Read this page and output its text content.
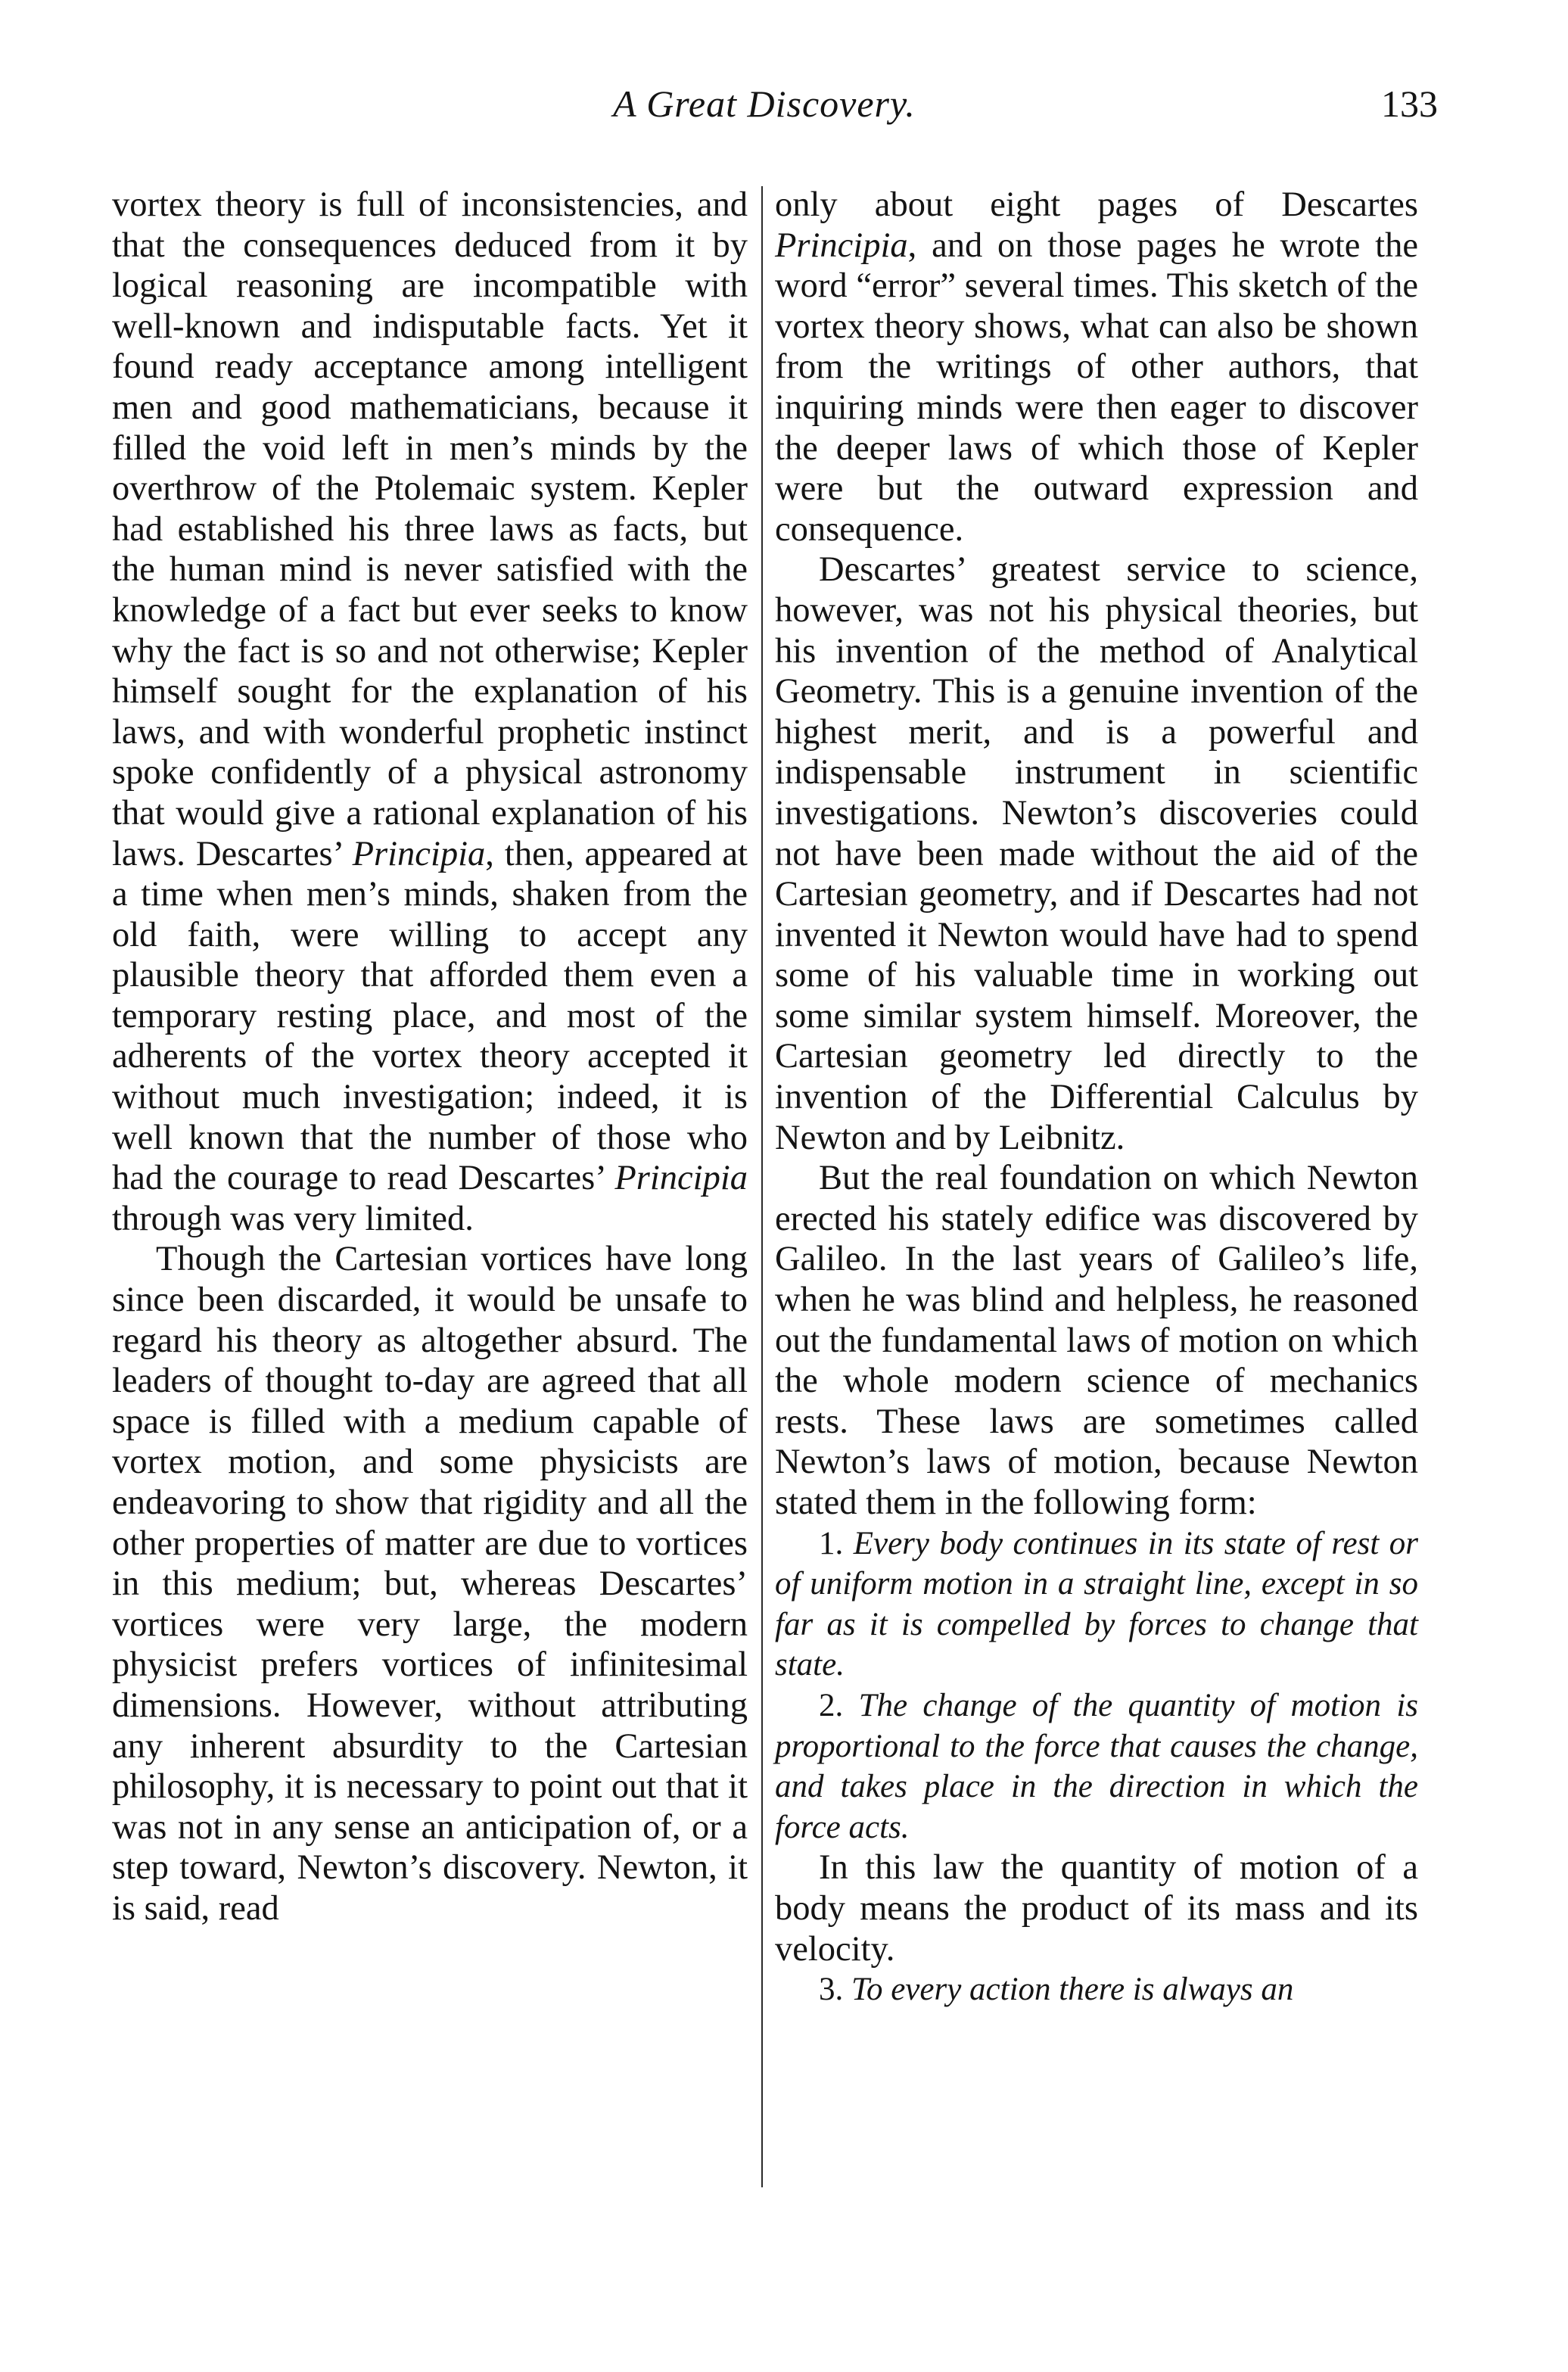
A Great Discovery.	133

vortex theory is full of inconsistencies, and that the consequences deduced from it by logical reasoning are incompatible with well-known and indisputable facts. Yet it found ready acceptance among intelligent men and good mathematicians, because it filled the void left in men’s minds by the overthrow of the Ptolemaic system. Kepler had established his three laws as facts, but the human mind is never satisfied with the knowledge of a fact but ever seeks to know why the fact is so and not otherwise; Kepler himself sought for the explanation of his laws, and with wonderful prophetic instinct spoke confidently of a physical astronomy that would give a rational explanation of his laws. Descartes’ Principia, then, appeared at a time when men’s minds, shaken from the old faith, were willing to accept any plausible theory that afforded them even a temporary resting place, and most of the adherents of the vortex theory accepted it without much investigation; indeed, it is well known that the number of those who had the courage to read Descartes’ Principia through was very limited.

Though the Cartesian vortices have long since been discarded, it would be unsafe to regard his theory as altogether absurd. The leaders of thought to-day are agreed that all space is filled with a medium capable of vortex motion, and some physicists are endeavoring to show that rigidity and all the other properties of matter are due to vortices in this medium; but, whereas Descartes’ vortices were very large, the modern physicist prefers vortices of infinitesimal dimensions. However, without attributing any inherent absurdity to the Cartesian philosophy, it is necessary to point out that it was not in any sense an anticipation of, or a step toward, Newton’s discovery. Newton, it is said, read

only about eight pages of Descartes Principia, and on those pages he wrote the word “error” several times. This sketch of the vortex theory shows, what can also be shown from the writings of other authors, that inquiring minds were then eager to discover the deeper laws of which those of Kepler were but the outward expression and consequence.

Descartes’ greatest service to science, however, was not his physical theories, but his invention of the method of Analytical Geometry. This is a genuine invention of the highest merit, and is a powerful and indispensable instrument in scientific investigations. Newton’s discoveries could not have been made without the aid of the Cartesian geometry, and if Descartes had not invented it Newton would have had to spend some of his valuable time in working out some similar system himself. Moreover, the Cartesian geometry led directly to the invention of the Differential Calculus by Newton and by Leibnitz.

But the real foundation on which Newton erected his stately edifice was discovered by Galileo. In the last years of Galileo’s life, when he was blind and helpless, he reasoned out the fundamental laws of motion on which the whole modern science of mechanics rests. These laws are sometimes called Newton’s laws of motion, because Newton stated them in the following form:

1. Every body continues in its state of rest or of uniform motion in a straight line, except in so far as it is compelled by forces to change that state.

2. The change of the quantity of motion is proportional to the force that causes the change, and takes place in the direction in which the force acts.

In this law the quantity of motion of a body means the product of its mass and its velocity.

3. To every action there is always an
